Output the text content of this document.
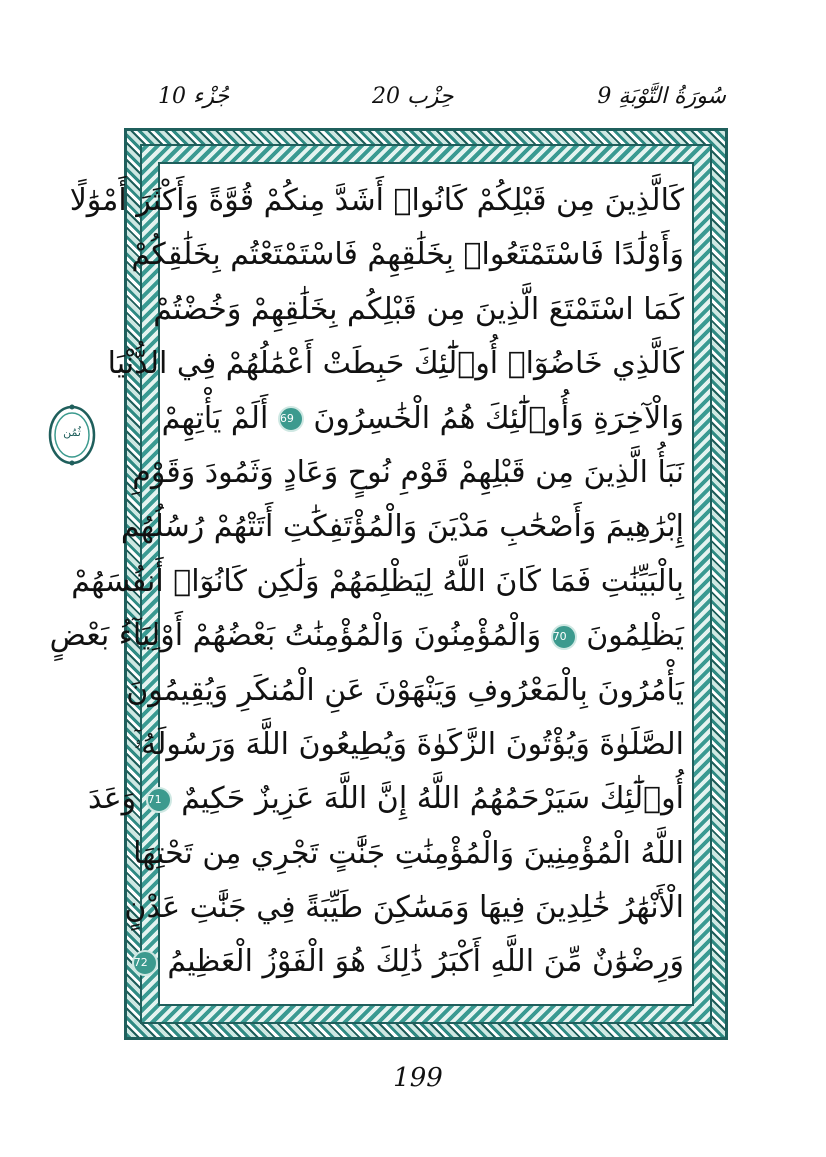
جُزْء 10	حِزْب 20	9 سُورَةُ التَّوْبَةِ
كَالَّذِينَ مِن قَبْلِكُمْ كَانُوا۟ أَشَدَّ مِنكُمْ قُوَّةً وَأَكْثَرَ أَمْوَٰلًا
وَأَوْلَٰدًا فَاسْتَمْتَعُوا۟ بِخَلَٰقِهِمْ فَاسْتَمْتَعْتُم بِخَلَٰقِكُمْ
كَمَا اسْتَمْتَعَ الَّذِينَ مِن قَبْلِكُم بِخَلَٰقِهِمْ وَخُضْتُمْ
كَالَّذِي خَاضُوٓا۟ أُو۟لَٰٓئِكَ حَبِطَتْ أَعْمَٰلُهُمْ فِي الدُّنْيَا
وَالْآخِرَةِ وَأُو۟لَٰٓئِكَ هُمُ الْخَٰسِرُونَ 69 أَلَمْ يَأْتِهِمْ
نَبَأُ الَّذِينَ مِن قَبْلِهِمْ قَوْمِ نُوحٍ وَعَادٍ وَثَمُودَ وَقَوْمِ
إِبْرَٰهِيمَ وَأَصْحَٰبِ مَدْيَنَ وَالْمُؤْتَفِكَٰتِ أَتَتْهُمْ رُسُلُهُم
بِالْبَيِّنَٰتِ فَمَا كَانَ اللَّهُ لِيَظْلِمَهُمْ وَلَٰكِن كَانُوٓا۟ أَنفُسَهُمْ
يَظْلِمُونَ 70 وَالْمُؤْمِنُونَ وَالْمُؤْمِنَٰتُ بَعْضُهُمْ أَوْلِيَآءُ بَعْضٍ
يَأْمُرُونَ بِالْمَعْرُوفِ وَيَنْهَوْنَ عَنِ الْمُنكَرِ وَيُقِيمُونَ
الصَّلَوٰةَ وَيُؤْتُونَ الزَّكَوٰةَ وَيُطِيعُونَ اللَّهَ وَرَسُولَهُۥٓ
أُو۟لَٰٓئِكَ سَيَرْحَمُهُمُ اللَّهُ إِنَّ اللَّهَ عَزِيزٌ حَكِيمٌ 71 وَعَدَ
اللَّهُ الْمُؤْمِنِينَ وَالْمُؤْمِنَٰتِ جَنَّٰتٍ تَجْرِي مِن تَحْتِهَا
الْأَنْهَٰرُ خَٰلِدِينَ فِيهَا وَمَسَٰكِنَ طَيِّبَةً فِي جَنَّٰتِ عَدْنٍ
وَرِضْوَٰنٌ مِّنَ اللَّهِ أَكْبَرُ ذَٰلِكَ هُوَ الْفَوْزُ الْعَظِيمُ 72
ثُمُن
199
